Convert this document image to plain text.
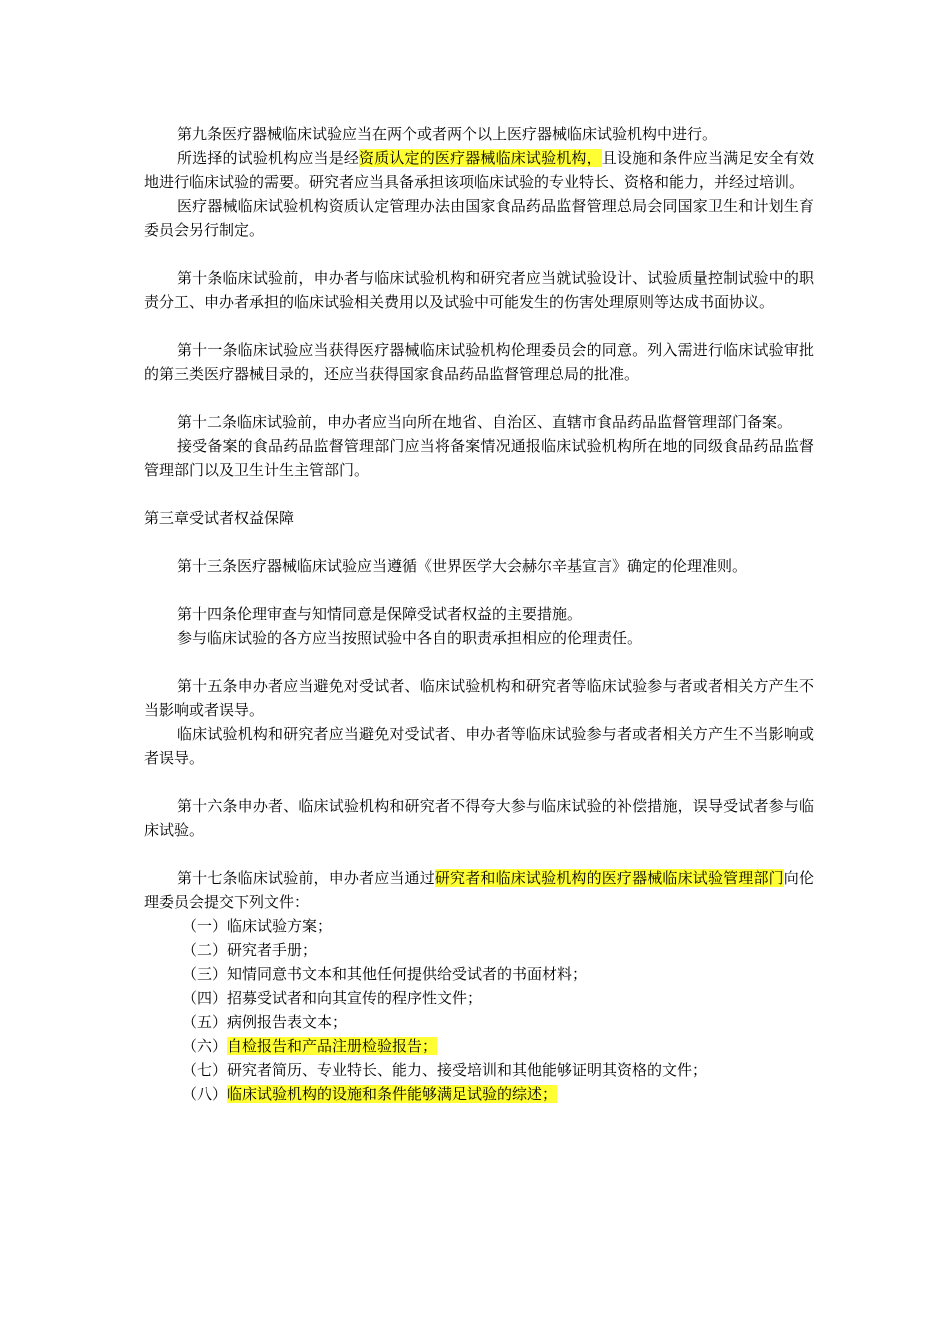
第九条医疗器械临床试验应当在两个或者两个以上医疗器械临床试验机构中进行。

所选择的试验机构应当是经资质认定的医疗器械临床试验机构，且设施和条件应当满足安全有效地进行临床试验的需要。研究者应当具备承担该项临床试验的专业特长、资格和能力，并经过培训。

医疗器械临床试验机构资质认定管理办法由国家食品药品监督管理总局会同国家卫生和计划生育委员会另行制定。

第十条临床试验前，申办者与临床试验机构和研究者应当就试验设计、试验质量控制试验中的职责分工、申办者承担的临床试验相关费用以及试验中可能发生的伤害处理原则等达成书面协议。

第十一条临床试验应当获得医疗器械临床试验机构伦理委员会的同意。列入需进行临床试验审批的第三类医疗器械目录的，还应当获得国家食品药品监督管理总局的批准。

第十二条临床试验前，申办者应当向所在地省、自治区、直辖市食品药品监督管理部门备案。

接受备案的食品药品监督管理部门应当将备案情况通报临床试验机构所在地的同级食品药品监督管理部门以及卫生计生主管部门。

第三章受试者权益保障

第十三条医疗器械临床试验应当遵循《世界医学大会赫尔辛基宣言》确定的伦理准则。

第十四条伦理审查与知情同意是保障受试者权益的主要措施。

参与临床试验的各方应当按照试验中各自的职责承担相应的伦理责任。

第十五条申办者应当避免对受试者、临床试验机构和研究者等临床试验参与者或者相关方产生不当影响或者误导。

临床试验机构和研究者应当避免对受试者、申办者等临床试验参与者或者相关方产生不当影响或者误导。

第十六条申办者、临床试验机构和研究者不得夸大参与临床试验的补偿措施，误导受试者参与临床试验。

第十七条临床试验前，申办者应当通过研究者和临床试验机构的医疗器械临床试验管理部门向伦理委员会提交下列文件：

（一）临床试验方案；

（二）研究者手册；

（三）知情同意书文本和其他任何提供给受试者的书面材料；

（四）招募受试者和向其宣传的程序性文件；

（五）病例报告表文本；

（六）自检报告和产品注册检验报告；

（七）研究者简历、专业特长、能力、接受培训和其他能够证明其资格的文件；

（八）临床试验机构的设施和条件能够满足试验的综述；
